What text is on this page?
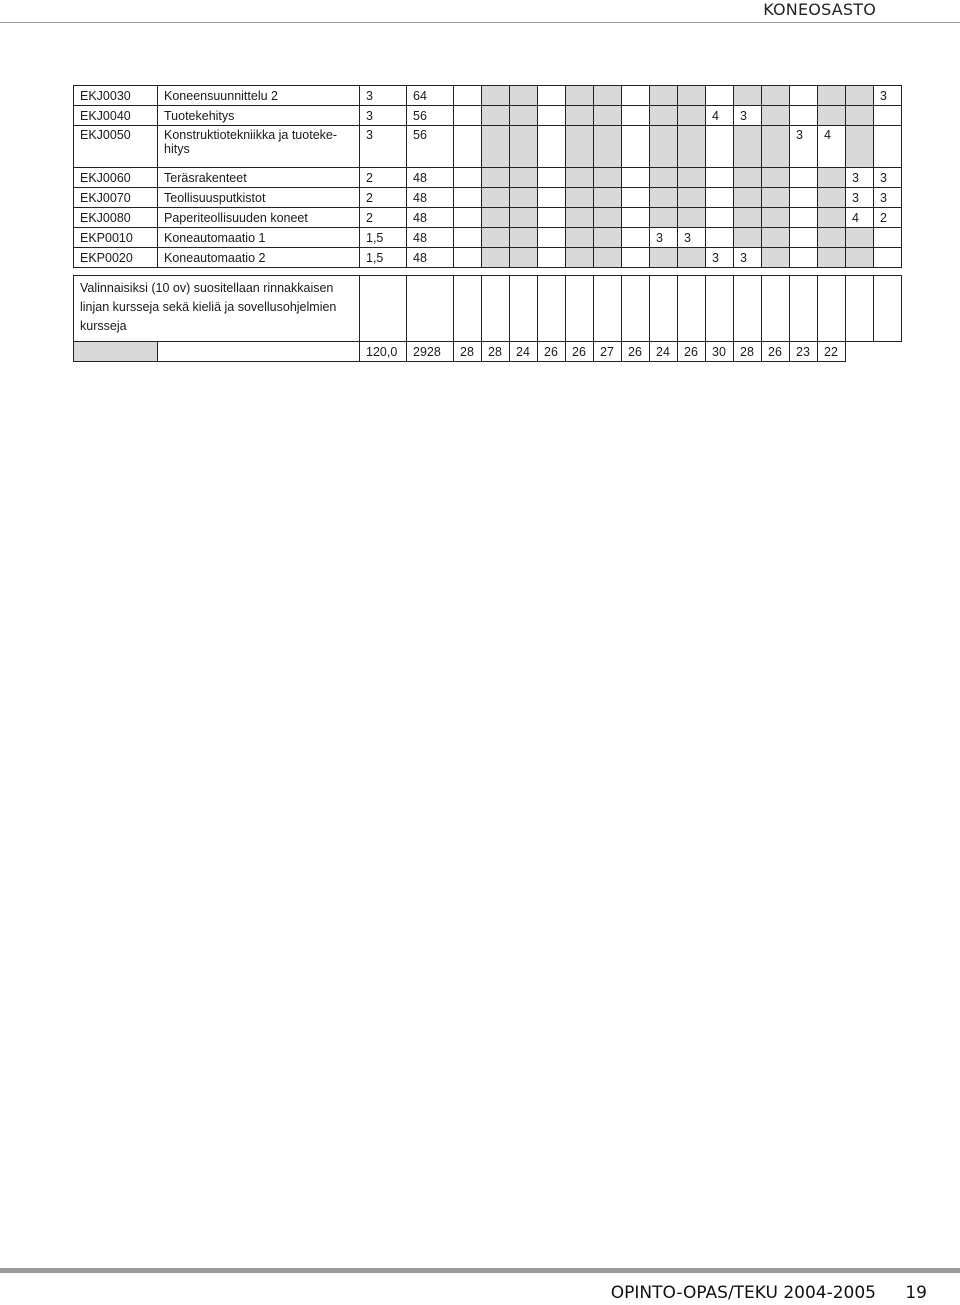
KONEOSASTO
EKJ0030	Koneensuunnittelu 2	3	64																3
EKJ0040	Tuotekehitys	3	56										4	3					
EKJ0050	Konstruktiotekniikka ja tuoteke-hitys	3	56													3	4		
EKJ0060	Teräsrakenteet	2	48															3	3
EKJ0070	Teollisuusputkistot	2	48															3	3
EKJ0080	Paperiteollisuuden koneet	2	48															4	2
EKP0010	Koneautomaatio 1	1,5	48								3	3							
EKP0020	Koneautomaatio 2	1,5	48										3	3					

Valinnaisiksi (10 ov) suositellaan rinnakkaisen linjan kursseja sekä kieliä ja sovellusohjelmien kursseja																			
		120,0	2928	28	28	24	26	26	27	26	24	26	30	28	26	23	22		
OPINTO-OPAS/TEKU 2004-2005 19
